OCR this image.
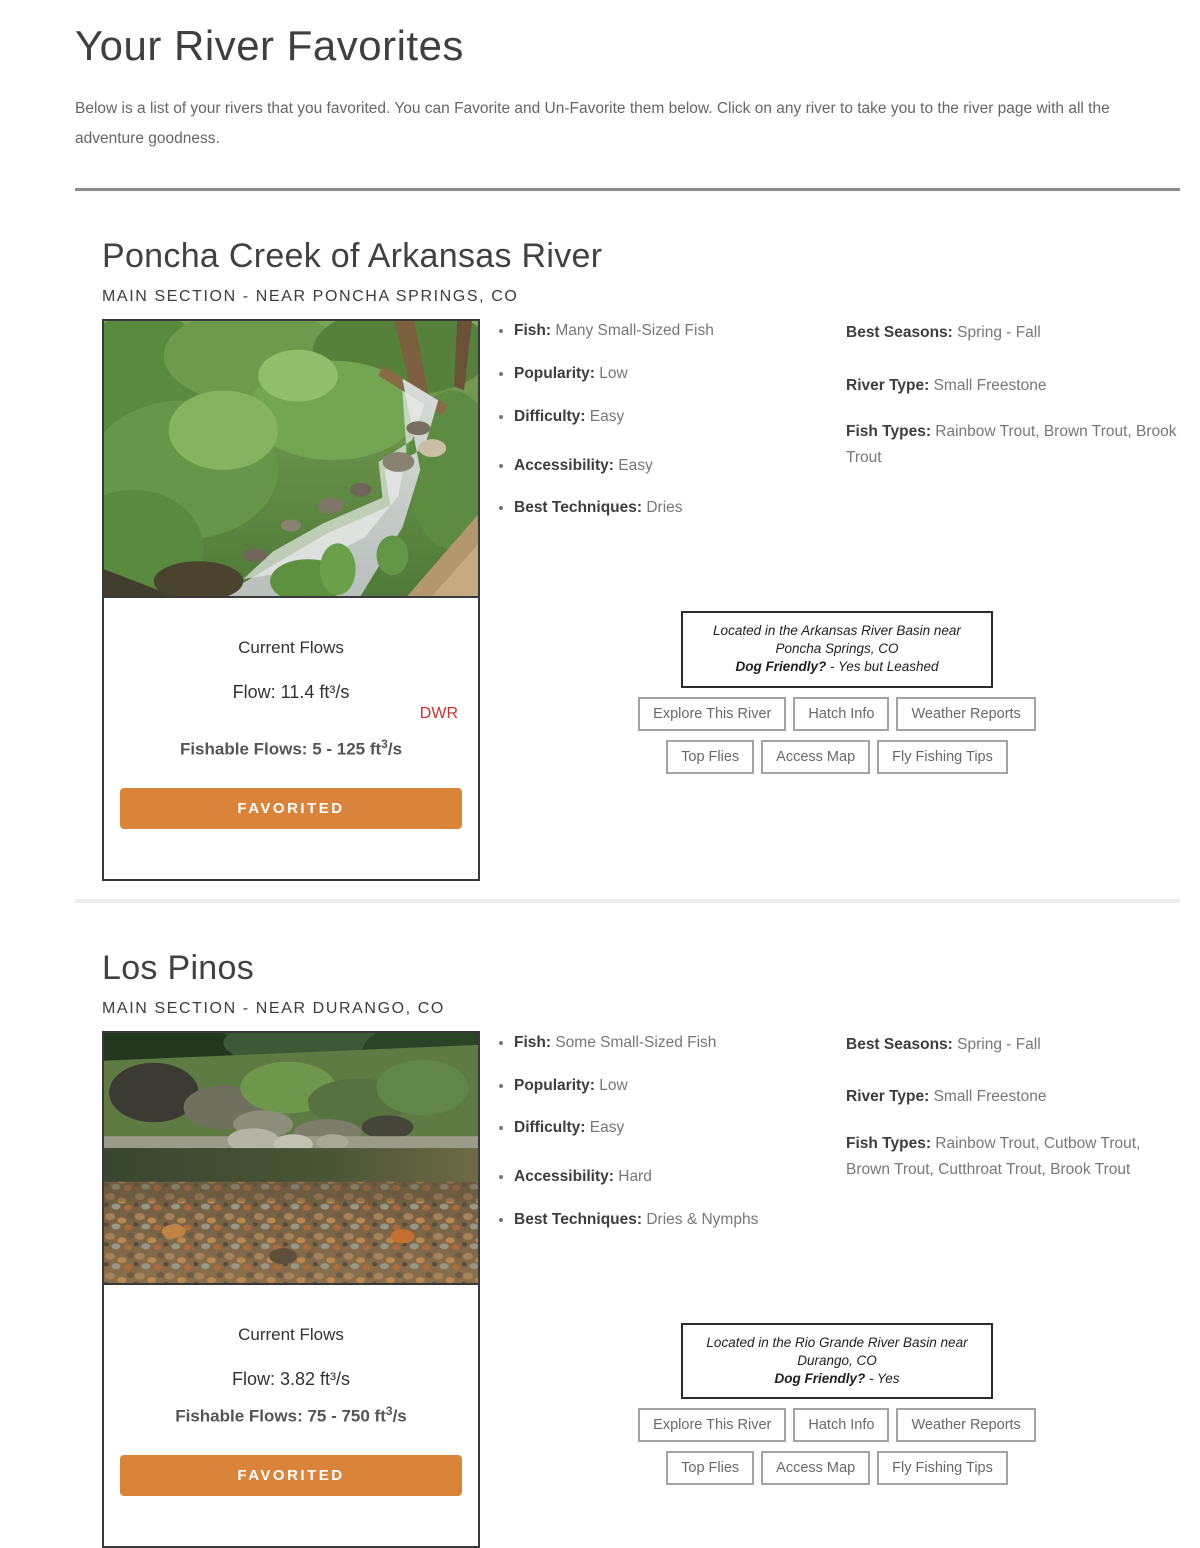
Your River Favorites

Below is a list of your rivers that you favorited. You can Favorite and Un-Favorite them below. Click on any river to take you to the river page with all the adventure goodness.

Poncha Creek of Arkansas River
MAIN SECTION - NEAR PONCHA SPRINGS, CO
Current Flows
Flow: 11.4 ft³/s
DWR
Fishable Flows: 5 - 125 $ft^3/s$
FAVORITED
• Fish: Many Small-Sized Fish
• Popularity: Low
• Difficulty: Easy
• Accessibility: Easy
• Best Techniques: Dries

Best Seasons: Spring - Fall

River Type: Small Freestone

Fish Types: Rainbow Trout, Brown Trout, Brook Trout

Located in the Arkansas River Basin near Poncha Springs, CO
Dog Friendly? - Yes but Leashed
Explore This River	Hatch Info	Weather Reports
Top Flies	Access Map	Fly Fishing Tips
Los Pinos
MAIN SECTION - NEAR DURANGO, CO
Current Flows
Flow: 3.82 ft³/s
Fishable Flows: 75 - 750 $ft^3/s$
FAVORITED
• Fish: Some Small-Sized Fish
• Popularity: Low
• Difficulty: Easy
• Accessibility: Hard
• Best Techniques: Dries & Nymphs

Best Seasons: Spring - Fall

River Type: Small Freestone

Fish Types: Rainbow Trout, Cutbow Trout, Brown Trout, Cutthroat Trout, Brook Trout

Located in the Rio Grande River Basin near Durango, CO
Dog Friendly? - Yes
Explore This River	Hatch Info	Weather Reports
Top Flies	Access Map	Fly Fishing Tips
